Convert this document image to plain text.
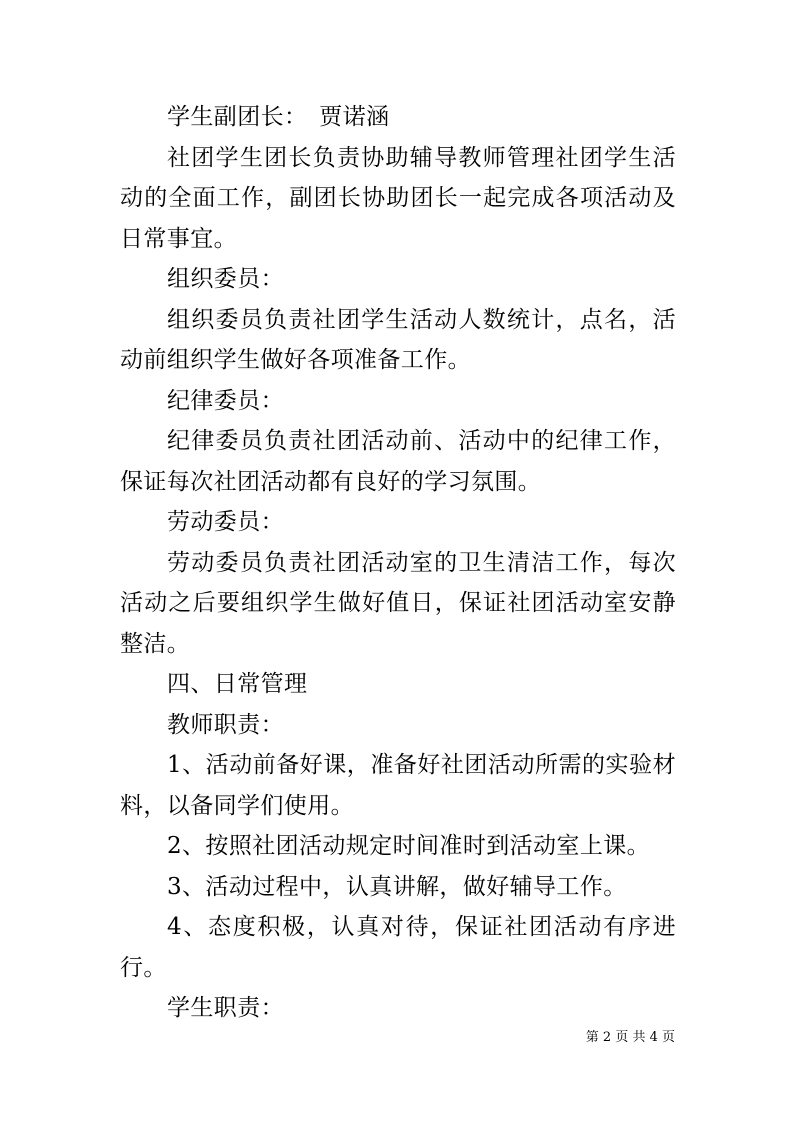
学生副团长：　贾诺涵

社团学生团长负责协助辅导教师管理社团学生活动的全面工作，副团长协助团长一起完成各项活动及日常事宜。

组织委员：

组织委员负责社团学生活动人数统计，点名，活动前组织学生做好各项准备工作。

纪律委员：

纪律委员负责社团活动前、活动中的纪律工作，保证每次社团活动都有良好的学习氛围。

劳动委员：

劳动委员负责社团活动室的卫生清洁工作，每次活动之后要组织学生做好值日，保证社团活动室安静整洁。

四、日常管理

教师职责：

1、活动前备好课，准备好社团活动所需的实验材料，以备同学们使用。

2、按照社团活动规定时间准时到活动室上课。

3、活动过程中，认真讲解，做好辅导工作。

4、态度积极，认真对待，保证社团活动有序进行。

学生职责：

第 2 页 共 4 页
